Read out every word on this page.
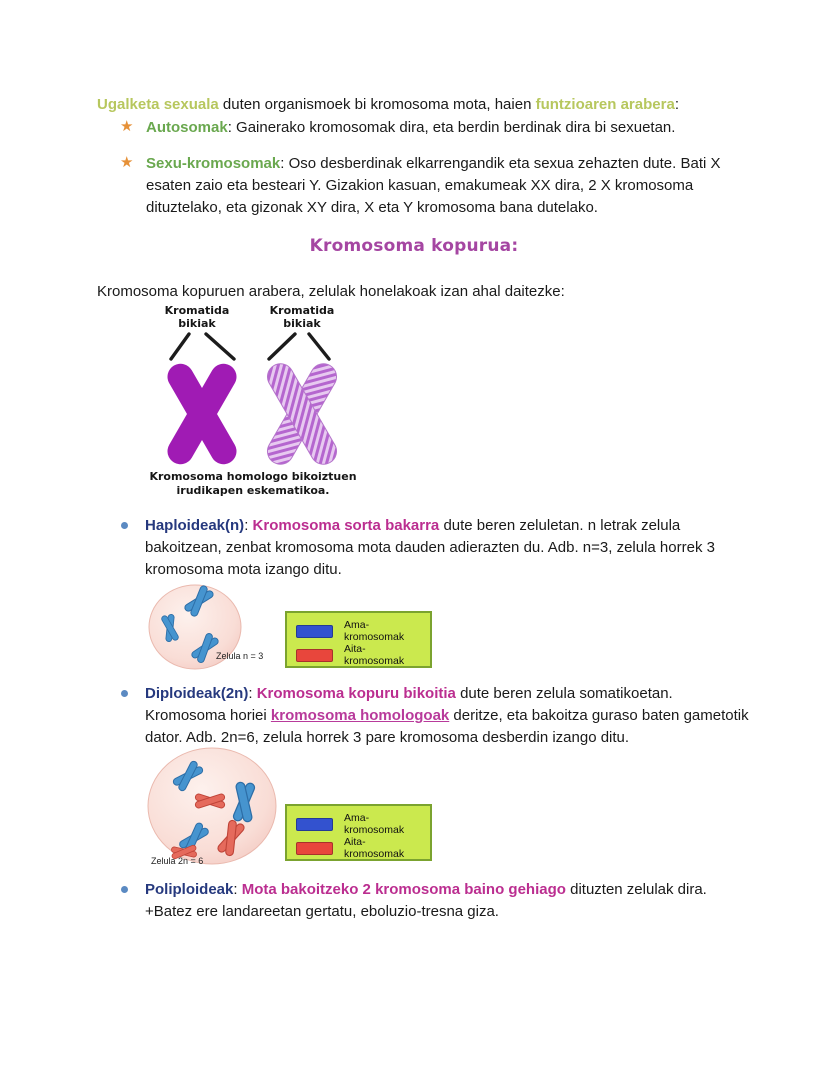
Ugalketa sexuala duten organismoek bi kromosoma mota, haien funtzioaren arabera:

★ Autosomak: Gainerako kromosomak dira, eta berdin berdinak dira bi sexuetan.
★ Sexu-kromosomak: Oso desberdinak elkarrengandik eta sexua zehazten dute. Bati X esaten zaio eta besteari Y. Gizakion kasuan, emakumeak XX dira, 2 X kromosoma dituztelako, eta gizonak XY dira, X eta Y kromosoma bana dutelako.
Kromosoma kopurua:

Kromosoma kopuruen arabera, zelulak honelakoak izan ahal daitezke:

Kromatida bikiak
Kromatida bikiak
Kromosoma homologo bikoiztuen irudikapen eskematikoa.
Haploideak(n): Kromosoma sorta bakarra dute beren zeluletan. n letrak zelula bakoitzean, zenbat kromosoma mota dauden adierazten du. Adb. n=3, zelula horrek 3 kromosoma mota izango ditu.
Zelula n = 3
Ama-kromosomak
Aita-kromosomak
Diploideak(2n): Kromosoma kopuru bikoitia dute beren zelula somatikoetan. Kromosoma horiei kromosoma homologoak deritze, eta bakoitza guraso baten gametotik dator. Adb. 2n=6, zelula horrek 3 pare kromosoma desberdin izango ditu.
Zelula 2n = 6
Ama-kromosomak
Aita-kromosomak
Poliploideak: Mota bakoitzeko 2 kromosoma baino gehiago dituzten zelulak dira.
+Batez ere landareetan gertatu, eboluzio-tresna giza.
